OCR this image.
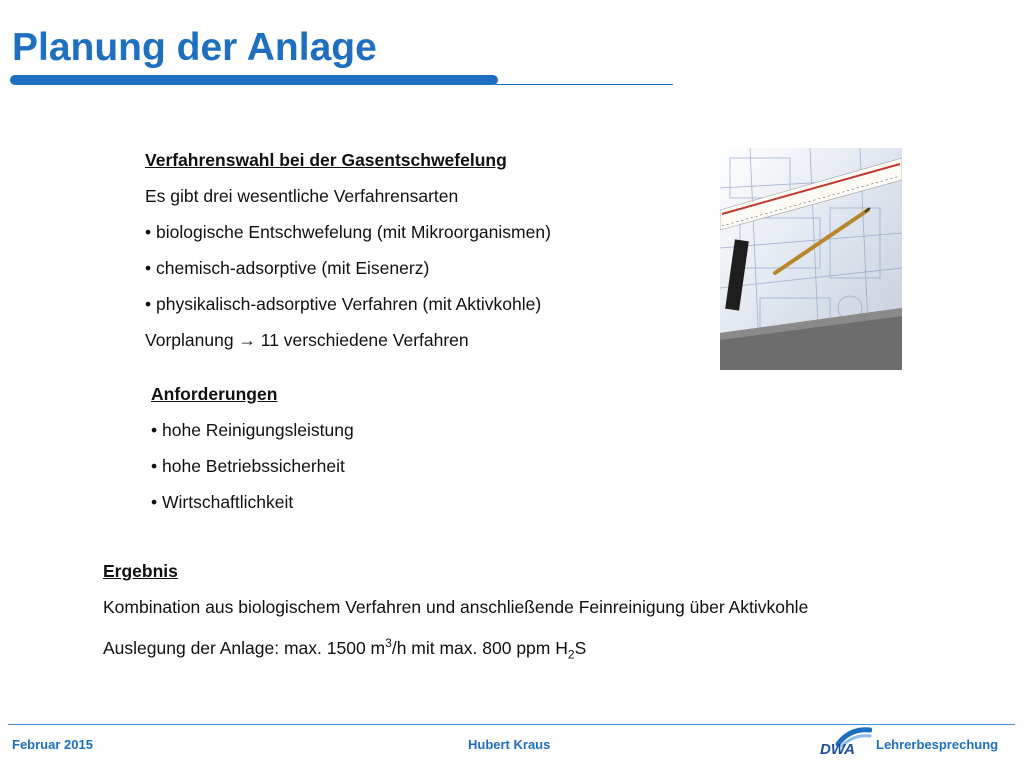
Planung der Anlage
Verfahrenswahl bei der Gasentschwefelung
Es gibt drei wesentliche Verfahrensarten
• biologische Entschwefelung (mit Mikroorganismen)
• chemisch-adsorptive (mit Eisenerz)
• physikalisch-adsorptive Verfahren (mit Aktivkohle)
Vorplanung → 11 verschiedene Verfahren
Anforderungen
• hohe Reinigungsleistung
• hohe Betriebssicherheit
• Wirtschaftlichkeit
Ergebnis
Kombination aus biologischem Verfahren und anschließende Feinreinigung über Aktivkohle
Auslegung der Anlage: max. 1500 $m^3/h$ mit max. 800 ppm $H_2S$
Februar 2015	Hubert Kraus	DWA Lehrerbesprechung
